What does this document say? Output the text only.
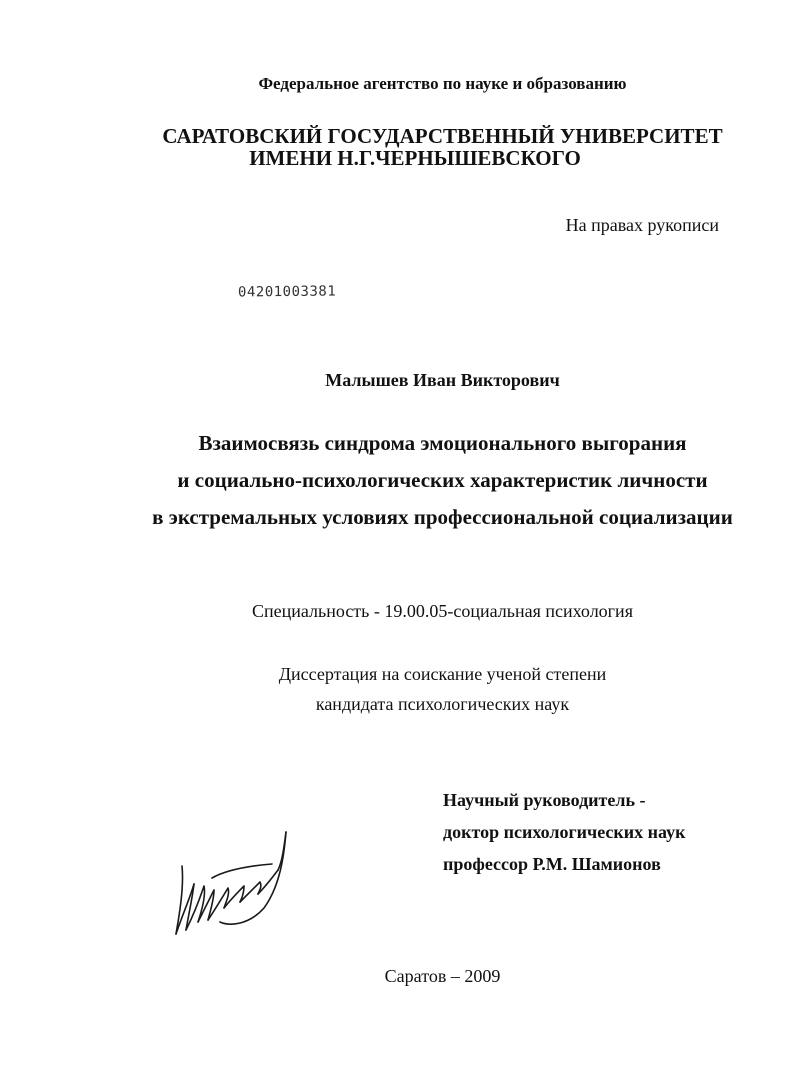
Федеральное агентство по науке и образованию

САРАТОВСКИЙ ГОСУДАРСТВЕННЫЙ УНИВЕРСИТЕТ

ИМЕНИ Н.Г.ЧЕРНЫШЕВСКОГО

На правах рукописи

04201003381

Малышев Иван Викторович

Взаимосвязь синдрома эмоционального выгорания

и социально-психологических характеристик личности

в экстремальных условиях профессиональной социализации

Специальность - 19.00.05-социальная психология

Диссертация на соискание ученой степени

кандидата психологических наук

Научный руководитель -

доктор психологических наук

профессор Р.М. Шамионов

Саратов – 2009
